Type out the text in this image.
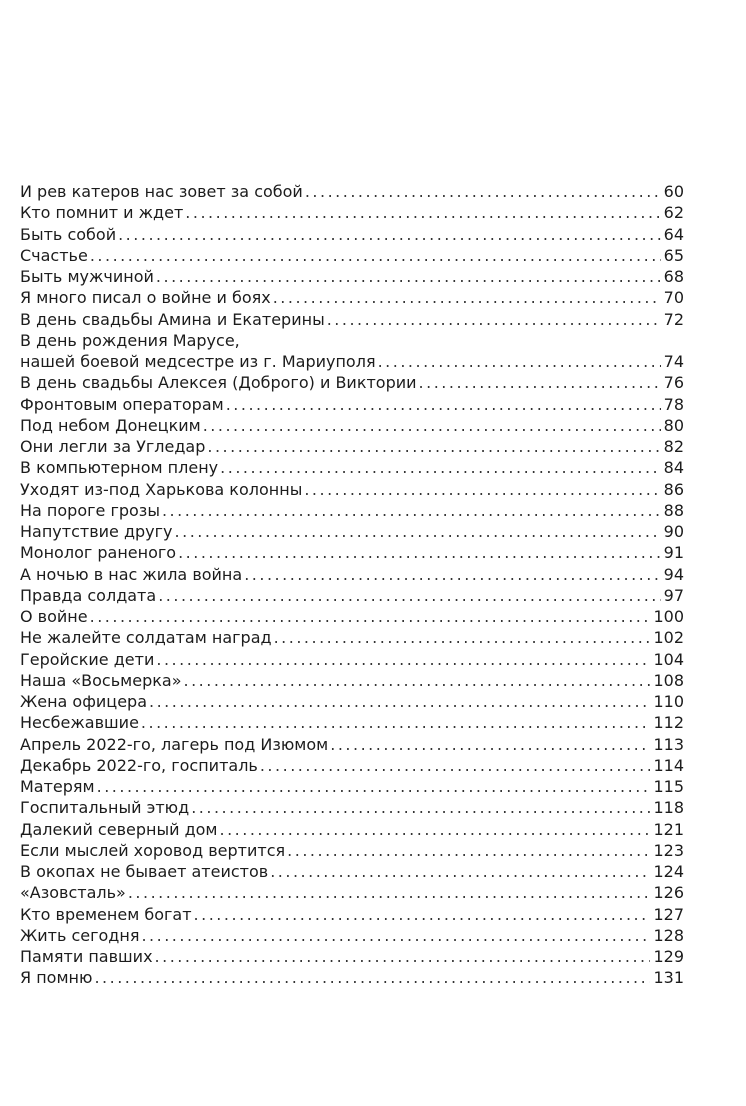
И рев катеров нас зовет за собой .....	60
Кто помнит и ждет .....	62
Быть собой .....	64
Счастье .....	65
Быть мужчиной .....	68
Я много писал о войне и боях .....	70
В день свадьбы Амина и Екатерины .....	72
В день рождения Марусе,
нашей боевой медсестре из г. Мариуполя .....	74
В день свадьбы Алексея (Доброго) и Виктории .....	76
Фронтовым операторам .....	78
Под небом Донецким .....	80
Они легли за Угледар .....	82
В компьютерном плену .....	84
Уходят из-под Харькова колонны .....	86
На пороге грозы .....	88
Напутствие другу .....	90
Монолог раненого .....	91
А ночью в нас жила война .....	94
Правда солдата .....	97
О войне .....	100
Не жалейте солдатам наград .....	102
Геройские дети .....	104
Наша «Восьмерка» .....	108
Жена офицера .....	110
Несбежавшие .....	112
Апрель 2022-го, лагерь под Изюмом .....	113
Декабрь 2022-го, госпиталь .....	114
Матерям .....	115
Госпитальный этюд .....	118
Далекий северный дом .....	121
Если мыслей хоровод вертится .....	123
В окопах не бывает атеистов .....	124
«Азовсталь» .....	126
Кто временем богат .....	127
Жить сегодня .....	128
Памяти павших .....	129
Я помню .....	131
